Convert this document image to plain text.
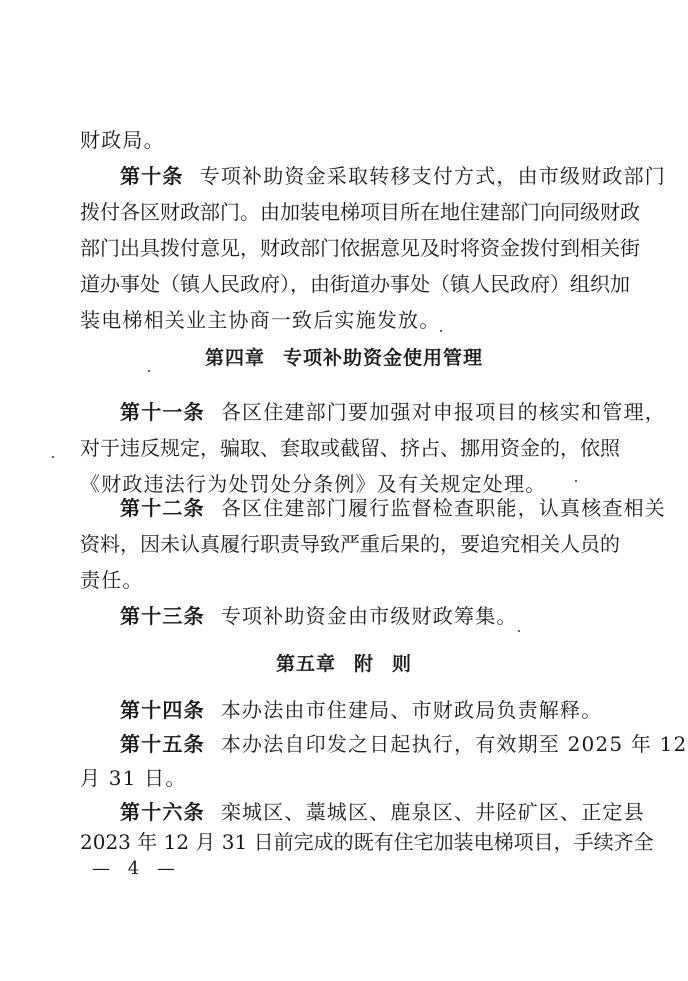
财政局。
第十条 专项补助资金采取转移支付方式，由市级财政部门
拨付各区财政部门。由加装电梯项目所在地住建部门向同级财政
部门出具拨付意见，财政部门依据意见及时将资金拨付到相关街
道办事处（镇人民政府），由街道办事处（镇人民政府）组织加
装电梯相关业主协商一致后实施发放。
第四章 专项补助资金使用管理
第十一条 各区住建部门要加强对申报项目的核实和管理，
对于违反规定，骗取、套取或截留、挤占、挪用资金的，依照
《财政违法行为处罚处分条例》及有关规定处理。
第十二条 各区住建部门履行监督检查职能，认真核查相关
资料，因未认真履行职责导致严重后果的，要追究相关人员的
责任。
第十三条 专项补助资金由市级财政筹集。
第五章 附 则
第十四条 本办法由市住建局、市财政局负责解释。
第十五条 本办法自印发之日起执行，有效期至 2025 年 12
月 31 日。
第十六条 栾城区、藁城区、鹿泉区、井陉矿区、正定县
2023 年 12 月 31 日前完成的既有住宅加装电梯项目，手续齐全
— 4 —
